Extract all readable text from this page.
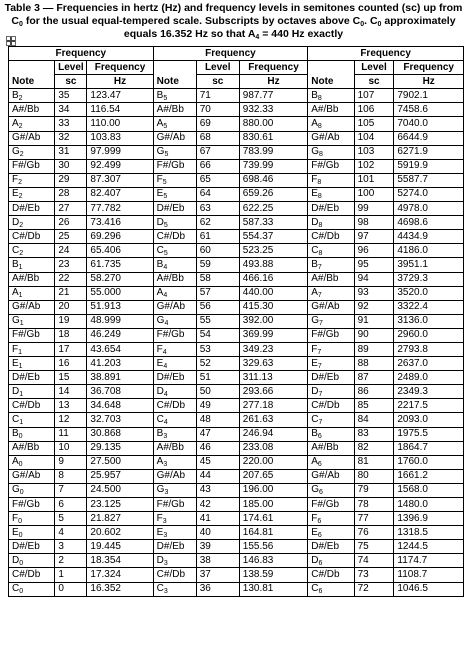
Table 3 — Frequencies in hertz (Hz) and frequency levels in semitones counted (sc) up from
$C_0$ for the usual equal-tempered scale. Subscripts by octaves above $C_0$. $C_0$ approximately
equals 16.352 Hz so that $A_4 = 440$ Hz exactly
Frequency			Frequency			Frequency		
Note	Level	Frequency	Note	Level	Frequency	Note	Level	Frequency
	sc	Hz		sc	Hz		sc	Hz
$B_2$	35	123.47	$B_5$	71	987.77	$B_8$	107	7902.1
A#/Bb	34	116.54	A#/Bb	70	932.33	A#/Bb	106	7458.6
$A_2$	33	110.00	$A_5$	69	880.00	$A_8$	105	7040.0
G#/Ab	32	103.83	G#/Ab	68	830.61	G#/Ab	104	6644.9
$G_2$	31	97.999	$G_5$	67	783.99	$G_8$	103	6271.9
F#/Gb	30	92.499	F#/Gb	66	739.99	F#/Gb	102	5919.9
$F_2$	29	87.307	$F_5$	65	698.46	$F_8$	101	5587.7
$E_2$	28	82.407	$E_5$	64	659.26	$E_8$	100	5274.0
D#/Eb	27	77.782	D#/Eb	63	622.25	D#/Eb	99	4978.0
$D_2$	26	73.416	$D_5$	62	587.33	$D_8$	98	4698.6
C#/Db	25	69.296	C#/Db	61	554.37	C#/Db	97	4434.9
$C_2$	24	65.406	$C_5$	60	523.25	$C_8$	96	4186.0
$B_1$	23	61.735	$B_4$	59	493.88	$B_7$	95	3951.1
A#/Bb	22	58.270	A#/Bb	58	466.16	A#/Bb	94	3729.3
$A_1$	21	55.000	$A_4$	57	440.00	$A_7$	93	3520.0
G#/Ab	20	51.913	G#/Ab	56	415.30	G#/Ab	92	3322.4
$G_1$	19	48.999	$G_4$	55	392.00	$G_7$	91	3136.0
F#/Gb	18	46.249	F#/Gb	54	369.99	F#/Gb	90	2960.0
$F_1$	17	43.654	$F_4$	53	349.23	$F_7$	89	2793.8
$E_1$	16	41.203	$E_4$	52	329.63	$E_7$	88	2637.0
D#/Eb	15	38.891	D#/Eb	51	311.13	D#/Eb	87	2489.0
$D_1$	14	36.708	$D_4$	50	293.66	$D_7$	86	2349.3
C#/Db	13	34.648	C#/Db	49	277.18	C#/Db	85	2217.5
$C_1$	12	32.703	$C_4$	48	261.63	$C_7$	84	2093.0
$B_0$	11	30.868	$B_3$	47	246.94	$B_6$	83	1975.5
A#/Bb	10	29.135	A#/Bb	46	233.08	A#/Bb	82	1864.7
$A_0$	9	27.500	$A_3$	45	220.00	$A_6$	81	1760.0
G#/Ab	8	25.957	G#/Ab	44	207.65	G#/Ab	80	1661.2
$G_0$	7	24.500	$G_3$	43	196.00	$G_6$	79	1568.0
F#/Gb	6	23.125	F#/Gb	42	185.00	F#/Gb	78	1480.0
$F_0$	5	21.827	$F_3$	41	174.61	$F_6$	77	1396.9
$E_0$	4	20.602	$E_3$	40	164.81	$E_6$	76	1318.5
D#/Eb	3	19.445	D#/Eb	39	155.56	D#/Eb	75	1244.5
$D_0$	2	18.354	$D_3$	38	146.83	$D_6$	74	1174.7
C#/Db	1	17.324	C#/Db	37	138.59	C#/Db	73	1108.7
$C_0$	0	16.352	$C_3$	36	130.81	$C_6$	72	1046.5
